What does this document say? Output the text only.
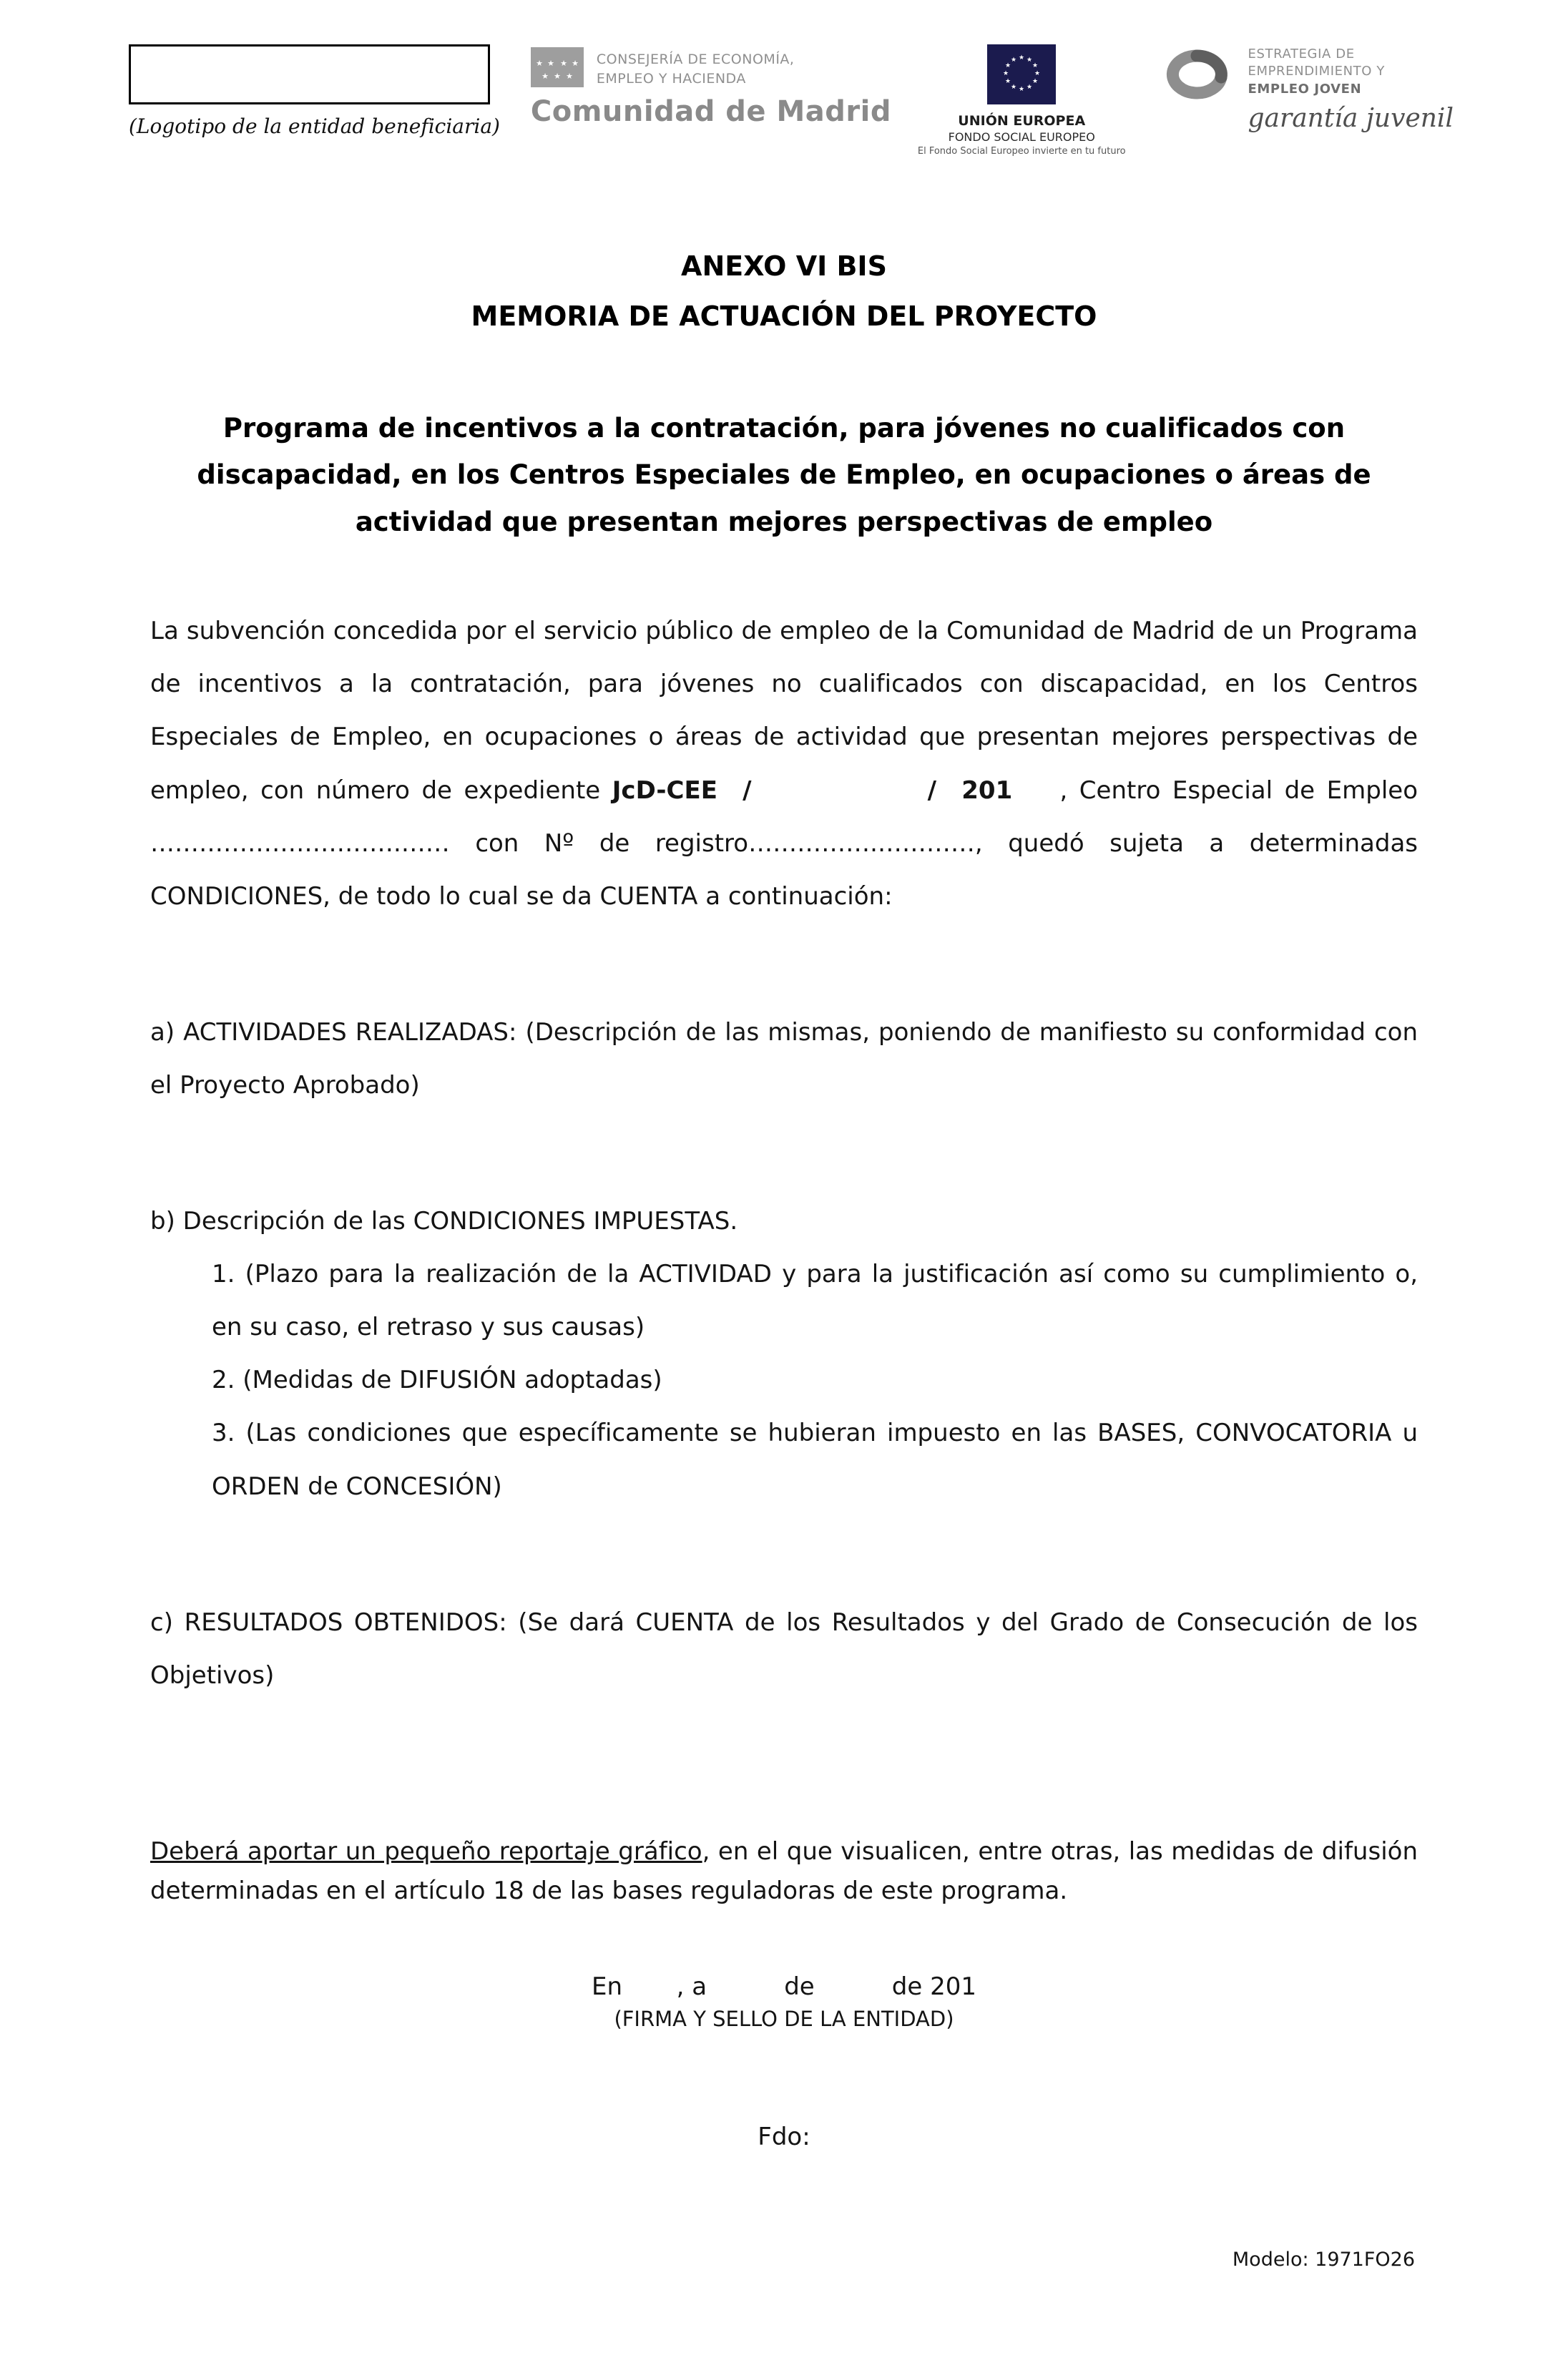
(Logotipo de la entidad beneficiaria)
★ ★ ★ ★
★ ★ ★
CONSEJERÍA DE ECONOMÍA,
EMPLEO Y HACIENDA
Comunidad de Madrid
★
★
★
★
★
★
★
★
★ ★ ★
★
UNIÓN EUROPEA
FONDO SOCIAL EUROPEO
El Fondo Social Europeo invierte en tu futuro
ESTRATEGIA DE
EMPRENDIMIENTO Y
EMPLEO JOVEN
garantía juvenil
ANEXO VI BIS
MEMORIA DE ACTUACIÓN DEL PROYECTO

Programa de incentivos a la contratación, para jóvenes no cualificados con discapacidad, en los Centros Especiales de Empleo, en ocupaciones o áreas de actividad que presentan mejores perspectivas de empleo

La subvención concedida por el servicio público de empleo de la Comunidad de Madrid de un Programa de incentivos a la contratación, para jóvenes no cualificados con discapacidad, en los Centros Especiales de Empleo, en ocupaciones o áreas de actividad que presentan mejores perspectivas de empleo, con número de expediente JcD-CEE  /              /  201    , Centro Especial de Empleo ………………………….…… con Nº de registro…………….…………, quedó sujeta a determinadas CONDICIONES, de todo lo cual se da CUENTA a continuación:

a) ACTIVIDADES REALIZADAS: (Descripción de las mismas, poniendo de manifiesto su conformidad con el Proyecto Aprobado)

b) Descripción de las CONDICIONES IMPUESTAS.

1. (Plazo para la realización de la ACTIVIDAD y para la justificación así como su cumplimiento o, en su caso, el retraso y sus causas)

2. (Medidas de DIFUSIÓN adoptadas)

3. (Las condiciones que específicamente se hubieran impuesto en las BASES, CONVOCATORIA u ORDEN de CONCESIÓN)

c) RESULTADOS OBTENIDOS: (Se dará CUENTA de los Resultados y del Grado de Consecución de los Objetivos)

Deberá aportar un pequeño reportaje gráfico, en el que visualicen, entre otras, las medidas de difusión determinadas en el artículo 18 de las bases reguladoras de este programa.

En       , a          de          de 201
(FIRMA Y SELLO DE LA ENTIDAD)
Fdo:
Modelo: 1971FO26
